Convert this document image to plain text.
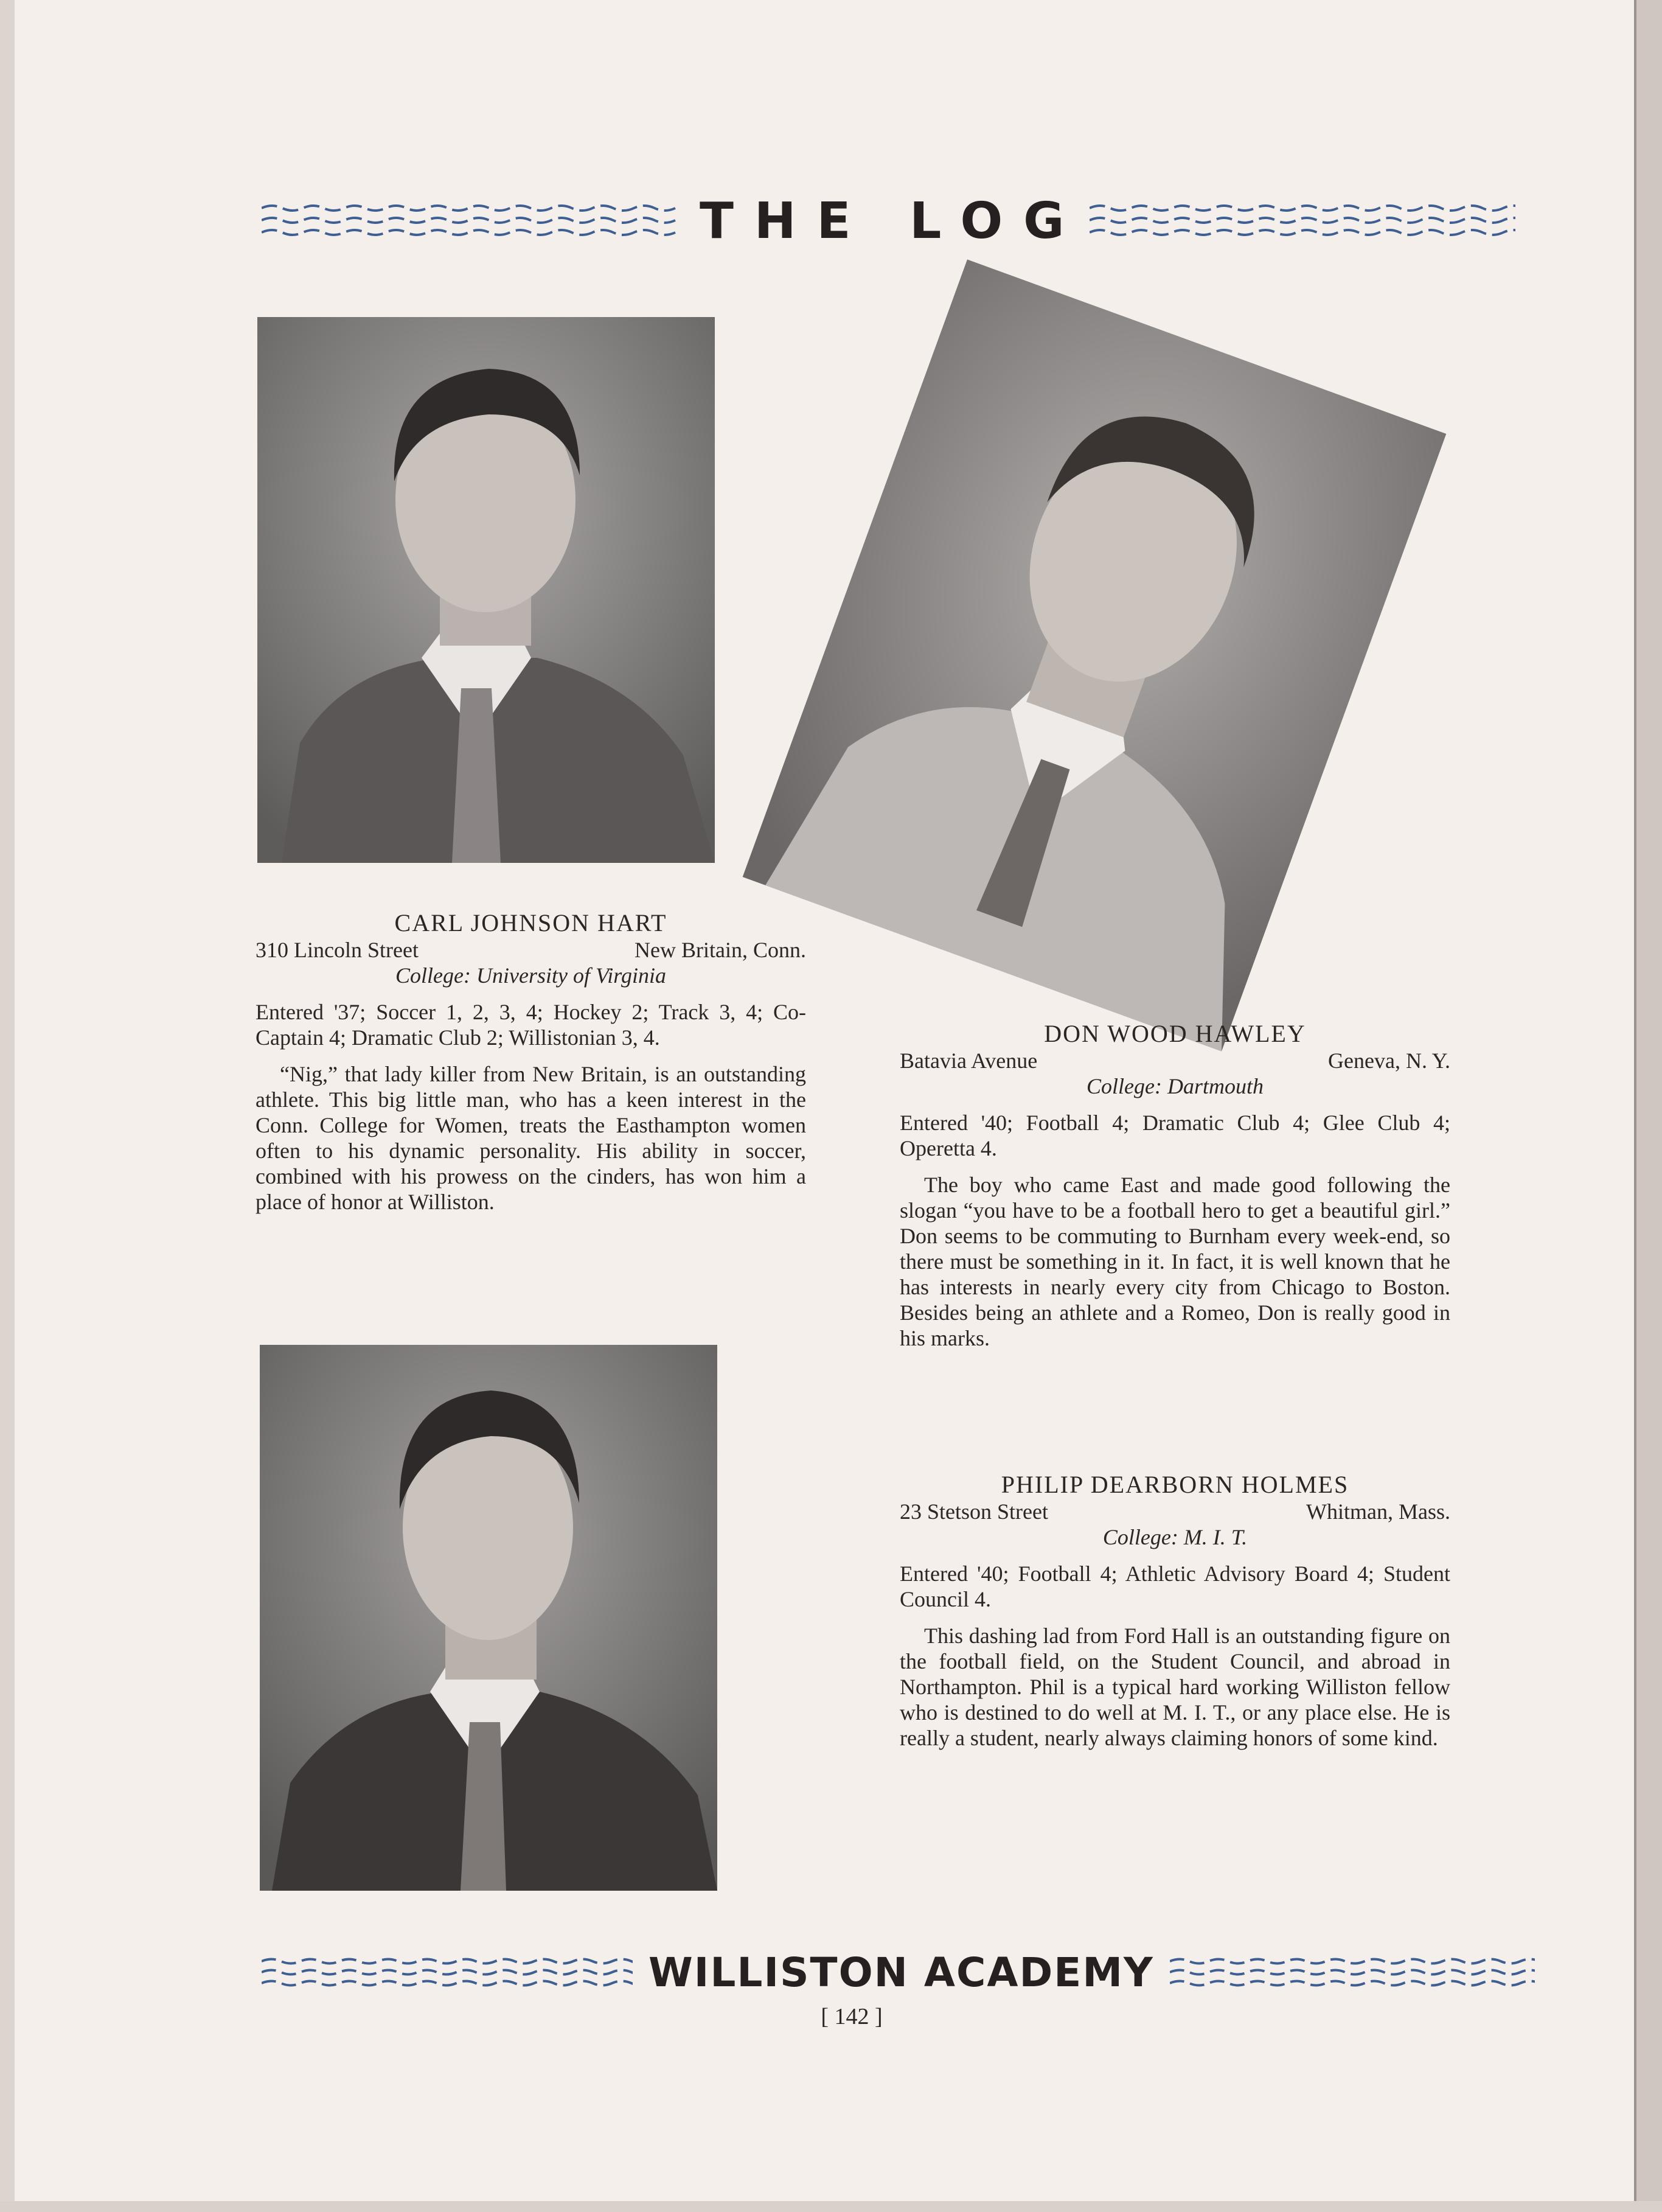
THE LOG
CARL JOHNSON HART
310 Lincoln Street	New Britain, Conn.
College: University of Virginia
Entered '37; Soccer 1, 2, 3, 4; Hockey 2; Track 3, 4; Co-Captain 4; Dramatic Club 2; Willistonian 3, 4.
“Nig,” that lady killer from New Britain, is an outstanding athlete. This big little man, who has a keen interest in the Conn. College for Women, treats the Easthampton women often to his dynamic personality. His ability in soccer, combined with his prowess on the cinders, has won him a place of honor at Williston.
DON WOOD HAWLEY
Batavia Avenue	Geneva, N. Y.
College: Dartmouth
Entered '40; Football 4; Dramatic Club 4; Glee Club 4; Operetta 4.
The boy who came East and made good following the slogan “you have to be a football hero to get a beautiful girl.” Don seems to be commuting to Burnham every week-end, so there must be something in it. In fact, it is well known that he has interests in nearly every city from Chicago to Boston. Besides being an athlete and a Romeo, Don is really good in his marks.
PHILIP DEARBORN HOLMES
23 Stetson Street	Whitman, Mass.
College: M. I. T.
Entered '40; Football 4; Athletic Advisory Board 4; Student Council 4.
This dashing lad from Ford Hall is an outstanding figure on the football field, on the Student Council, and abroad in Northampton. Phil is a typical hard working Williston fellow who is destined to do well at M. I. T., or any place else. He is really a student, nearly always claiming honors of some kind.
WILLISTON ACADEMY
[ 142 ]
